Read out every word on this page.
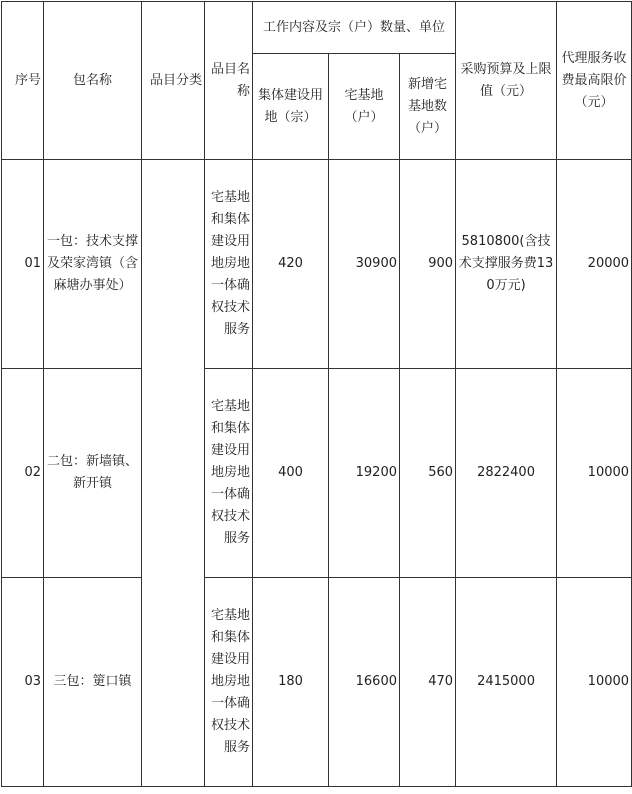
序号	包名称	品目分类	品目名称	工作内容及宗（户）数量、单位			采购预算及上限值（元）	代理服务收费最高限价（元）
				集体建设用地（宗）	宅基地（户）	新增宅基地数（户）		
01	一包：技术支撑及荣家湾镇（含麻塘办事处）		宅基地和集体建设用地房地一体确权技术服务	420	30900	900	5810800(含技术支撑服务费130万元)	20000
02	二包：新墙镇、新开镇		宅基地和集体建设用地房地一体确权技术服务	400	19200	560	2822400	10000
03	三包：筻口镇		宅基地和集体建设用地房地一体确权技术服务	180	16600	470	2415000	10000
